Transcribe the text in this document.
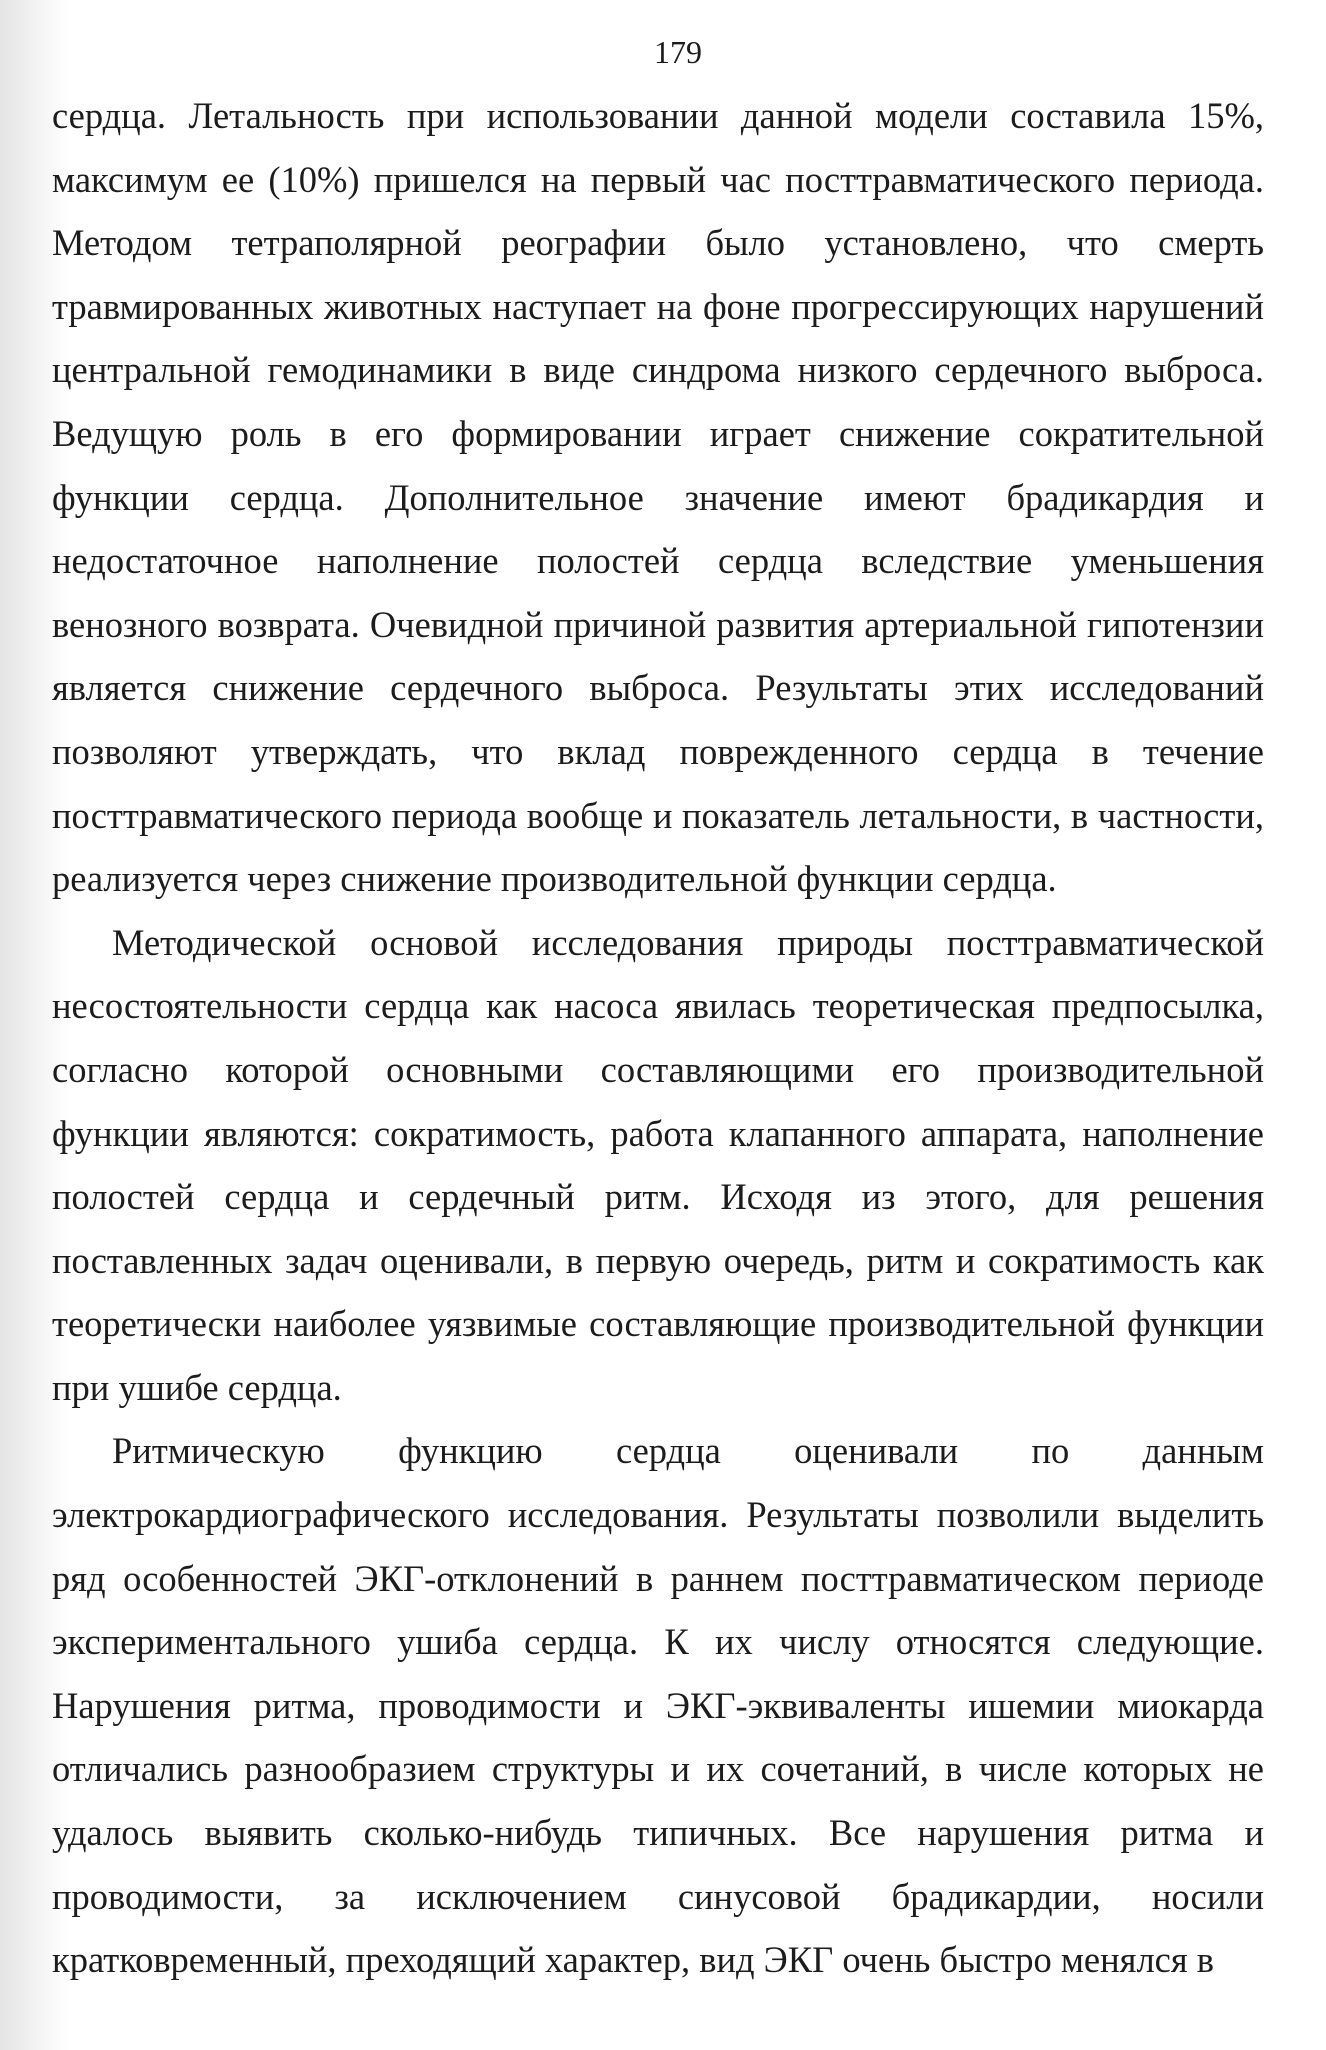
179

сердца. Летальность при использовании данной модели составила 15%, максимум ее (10%) пришелся на первый час посттравматического периода. Методом тетраполярной реографии было установлено, что смерть травмированных животных наступает на фоне прогрессирующих нарушений центральной гемодинамики в виде синдрома низкого сердечного выброса. Ведущую роль в его формировании играет снижение сократительной функции сердца. Дополнительное значение имеют брадикардия и недостаточное наполнение полостей сердца вследствие уменьшения венозного возврата. Очевидной причиной развития артериальной гипотензии является снижение сердечного выброса. Результаты этих исследований позволяют утверждать, что вклад поврежденного сердца в течение посттравматического периода вообще и показатель летальности, в частности, реализуется через снижение производительной функции сердца.

Методической основой исследования природы посттравматической несостоятельности сердца как насоса явилась теоретическая предпосылка, согласно которой основными составляющими его производительной функции являются: сократимость, работа клапанного аппарата, наполнение полостей сердца и сердечный ритм. Исходя из этого, для решения поставленных задач оценивали, в первую очередь, ритм и сократимость как теоретически наиболее уязвимые составляющие производительной функции при ушибе сердца.

Ритмическую функцию сердца оценивали по данным электрокардиографического исследования. Результаты позволили выделить ряд особенностей ЭКГ-отклонений в раннем посттравматическом периоде экспериментального ушиба сердца. К их числу относятся следующие. Нарушения ритма, проводимости и ЭКГ-эквиваленты ишемии миокарда отличались разнообразием структуры и их сочетаний, в числе которых не удалось выявить сколько-нибудь типичных. Все нарушения ритма и проводимости, за исключением синусовой брадикардии, носили кратковременный, преходящий характер, вид ЭКГ очень быстро менялся в
